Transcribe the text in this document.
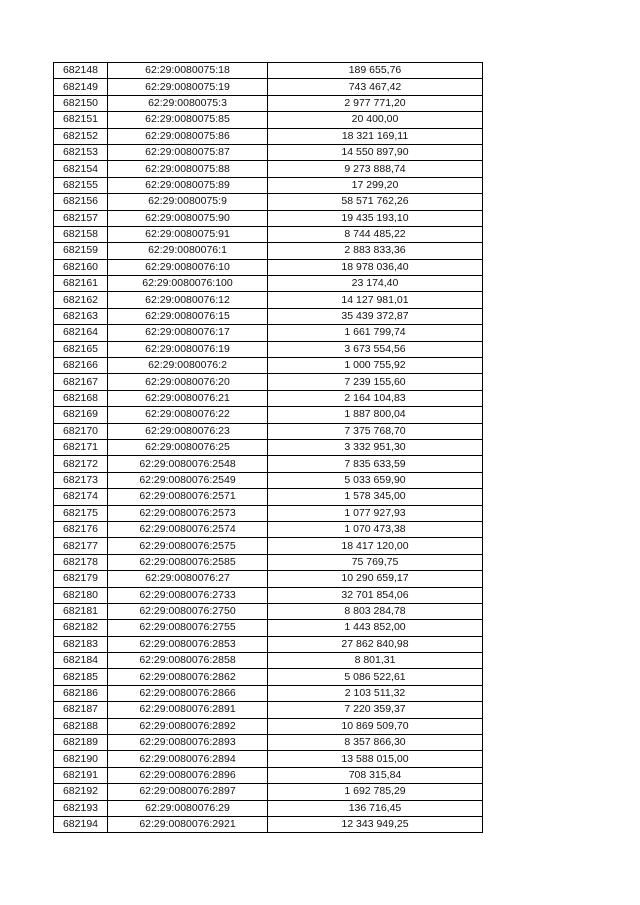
682148	62:29:0080075:18	189 655,76
682149	62:29:0080075:19	743 467,42
682150	62:29:0080075:3	2 977 771,20
682151	62:29:0080075:85	20 400,00
682152	62:29:0080075:86	18 321 169,11
682153	62:29:0080075:87	14 550 897,90
682154	62:29:0080075:88	9 273 888,74
682155	62:29:0080075:89	17 299,20
682156	62:29:0080075:9	58 571 762,26
682157	62:29:0080075:90	19 435 193,10
682158	62:29:0080075:91	8 744 485,22
682159	62:29:0080076:1	2 883 833,36
682160	62:29:0080076:10	18 978 036,40
682161	62:29:0080076:100	23 174,40
682162	62:29:0080076:12	14 127 981,01
682163	62:29:0080076:15	35 439 372,87
682164	62:29:0080076:17	1 661 799,74
682165	62:29:0080076:19	3 673 554,56
682166	62:29:0080076:2	1 000 755,92
682167	62:29:0080076:20	7 239 155,60
682168	62:29:0080076:21	2 164 104,83
682169	62:29:0080076:22	1 887 800,04
682170	62:29:0080076:23	7 375 768,70
682171	62:29:0080076:25	3 332 951,30
682172	62:29:0080076:2548	7 835 633,59
682173	62:29:0080076:2549	5 033 659,90
682174	62:29:0080076:2571	1 578 345,00
682175	62:29:0080076:2573	1 077 927,93
682176	62:29:0080076:2574	1 070 473,38
682177	62:29:0080076:2575	18 417 120,00
682178	62:29:0080076:2585	75 769,75
682179	62:29:0080076:27	10 290 659,17
682180	62:29:0080076:2733	32 701 854,06
682181	62:29:0080076:2750	8 803 284,78
682182	62:29:0080076:2755	1 443 852,00
682183	62:29:0080076:2853	27 862 840,98
682184	62:29:0080076:2858	8 801,31
682185	62:29:0080076:2862	5 086 522,61
682186	62:29:0080076:2866	2 103 511,32
682187	62:29:0080076:2891	7 220 359,37
682188	62:29:0080076:2892	10 869 509,70
682189	62:29:0080076:2893	8 357 866,30
682190	62:29:0080076:2894	13 588 015,00
682191	62:29:0080076:2896	708 315,84
682192	62:29:0080076:2897	1 692 785,29
682193	62:29:0080076:29	136 716,45
682194	62:29:0080076:2921	12 343 949,25
